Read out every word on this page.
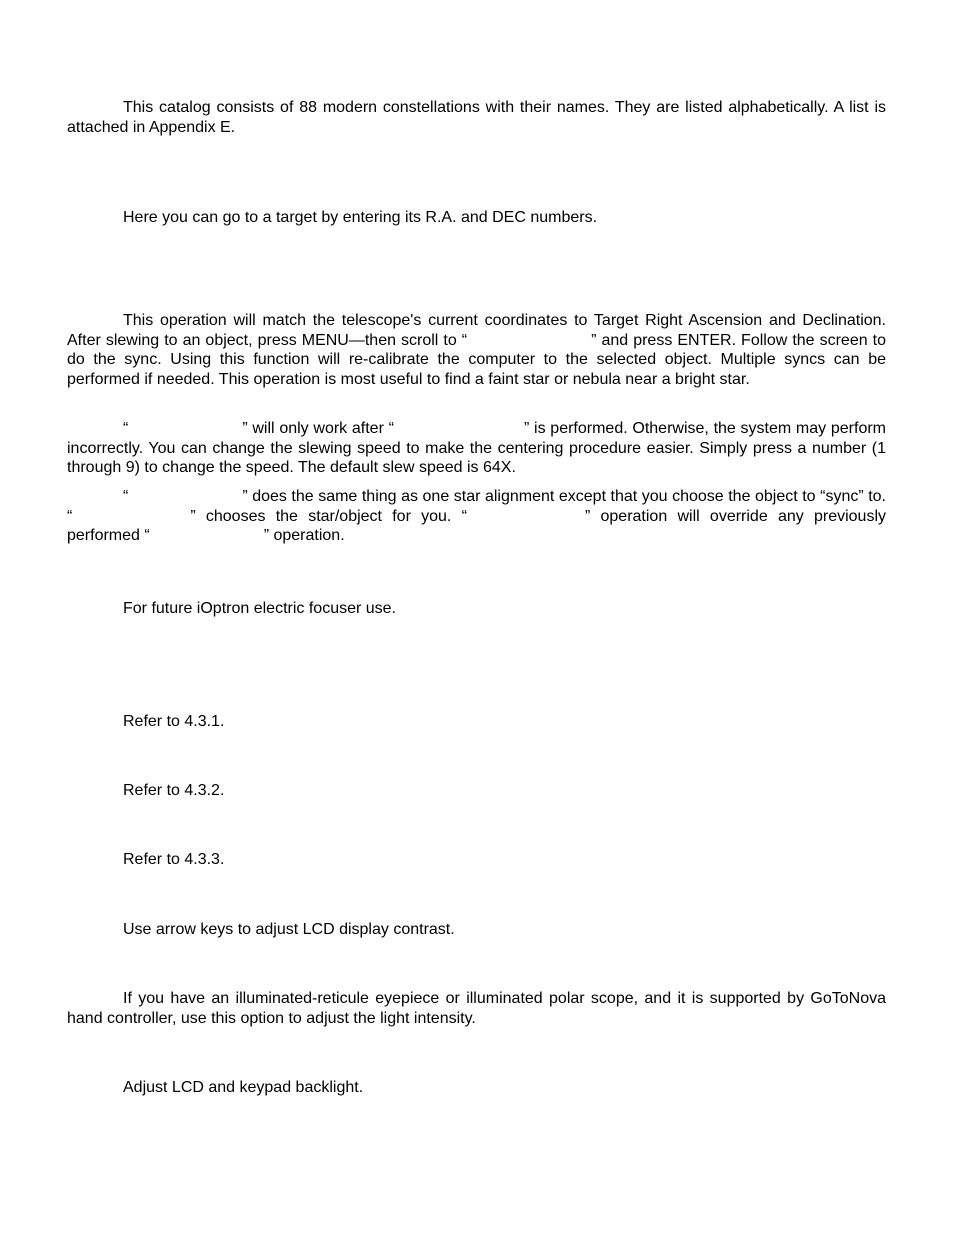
This catalog consists of 88 modern constellations with their names. They are listed alphabetically. A list is attached in Appendix E.

Here you can go to a target by entering its R.A. and DEC numbers.

This operation will match the telescope's current coordinates to Target Right Ascension and Declination. After slewing to an object, press MENU—then scroll to “	” and press ENTER. Follow the screen to do the sync. Using this function will re-calibrate the computer to the selected object. Multiple syncs can be performed if needed. This operation is most useful to find a faint star or nebula near a bright star.

“	” will only work after “	” is performed. Otherwise, the system may perform incorrectly. You can change the slewing speed to make the centering procedure easier. Simply press a number (1 through 9) to change the speed. The default slew speed is 64X.

“	” does the same thing as one star alignment except that you choose the object to “sync” to. “	” chooses the star/object for you. “	” operation will override any previously performed “	” operation.

For future iOptron electric focuser use.

Refer to 4.3.1.

Refer to 4.3.2.

Refer to 4.3.3.

Use arrow keys to adjust LCD display contrast.

If you have an illuminated-reticule eyepiece or illuminated polar scope, and it is supported by GoToNova hand controller, use this option to adjust the light intensity.

Adjust LCD and keypad backlight.
